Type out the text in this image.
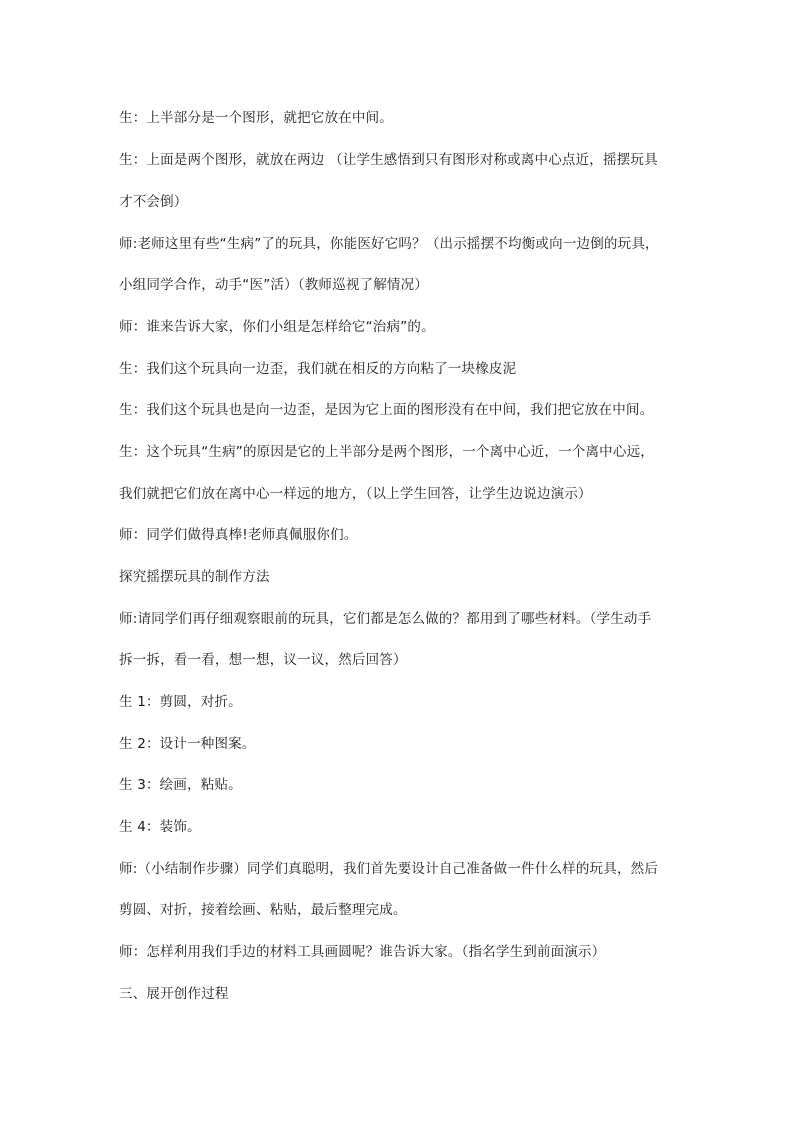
生：上半部分是一个图形，就把它放在中间。
生：上面是两个图形，就放在两边 （让学生感悟到只有图形对称或离中心点近，摇摆玩具
才不会倒）
师:老师这里有些“生病”了的玩具，你能医好它吗？（出示摇摆不均衡或向一边倒的玩具，
小组同学合作，动手“医”活）（教师巡视了解情况）
师：谁来告诉大家，你们小组是怎样给它“治病”的。
生：我们这个玩具向一边歪，我们就在相反的方向粘了一块橡皮泥
生：我们这个玩具也是向一边歪，是因为它上面的图形没有在中间，我们把它放在中间。
生：这个玩具“生病”的原因是它的上半部分是两个图形，一个离中心近，一个离中心远，
我们就把它们放在离中心一样远的地方，（以上学生回答，让学生边说边演示）
师：同学们做得真棒!老师真佩服你们。
探究摇摆玩具的制作方法
师:请同学们再仔细观察眼前的玩具，它们都是怎么做的？都用到了哪些材料。（学生动手
拆一拆，看一看，想一想，议一议，然后回答）
生 1：剪圆，对折。
生 2：设计一种图案。
生 3：绘画，粘贴。
生 4：装饰。
师:（小结制作步骤）同学们真聪明，我们首先要设计自己准备做一件什么样的玩具，然后
剪圆、对折，接着绘画、粘贴，最后整理完成。
师：怎样利用我们手边的材料工具画圆呢？谁告诉大家。（指名学生到前面演示）
三、展开创作过程
